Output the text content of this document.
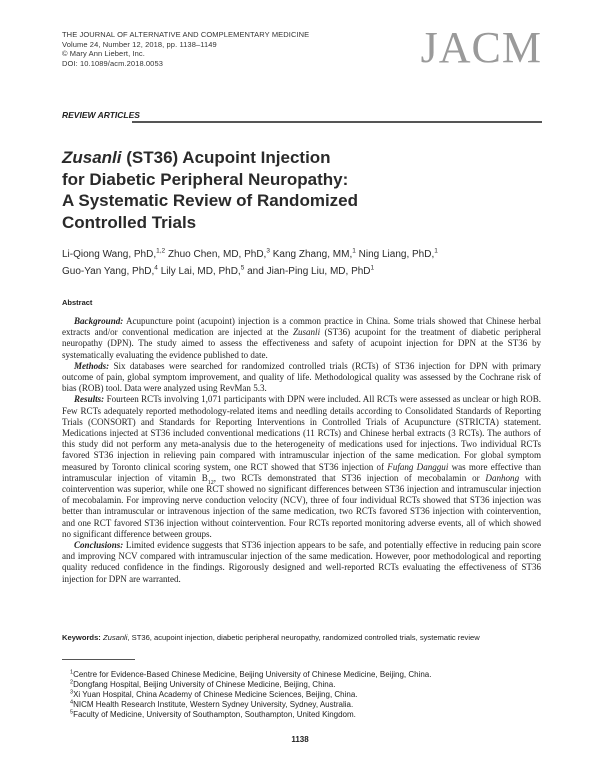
THE JOURNAL OF ALTERNATIVE AND COMPLEMENTARY MEDICINE
Volume 24, Number 12, 2018, pp. 1138–1149
© Mary Ann Liebert, Inc.
DOI: 10.1089/acm.2018.0053	JACM
REVIEW ARTICLES
Zusanli (ST36) Acupoint Injection
for Diabetic Peripheral Neuropathy:
A Systematic Review of Randomized
Controlled Trials
Li-Qiong Wang, PhD,$^{1,2}$ Zhuo Chen, MD, PhD,$^3$ Kang Zhang, MM,$^1$ Ning Liang, PhD,$^1$
Guo-Yan Yang, PhD,$^4$ Lily Lai, MD, PhD,$^5$ and Jian-Ping Liu, MD, PhD$^1$
Abstract

Background: Acupuncture point (acupoint) injection is a common practice in China. Some trials showed that Chinese herbal extracts and/or conventional medication are injected at the Zusanli (ST36) acupoint for the treatment of diabetic peripheral neuropathy (DPN). The study aimed to assess the effectiveness and safety of acupoint injection for DPN at the ST36 by systematically evaluating the evidence published to date.

Methods: Six databases were searched for randomized controlled trials (RCTs) of ST36 injection for DPN with primary outcome of pain, global symptom improvement, and quality of life. Methodological quality was assessed by the Cochrane risk of bias (ROB) tool. Data were analyzed using RevMan 5.3.

Results: Fourteen RCTs involving 1,071 participants with DPN were included. All RCTs were assessed as unclear or high ROB. Few RCTs adequately reported methodology-related items and needling details according to Consolidated Standards of Reporting Trials (CONSORT) and Standards for Reporting Interventions in Controlled Trials of Acupuncture (STRICTA) statement. Medications injected at ST36 included conventional medications (11 RCTs) and Chinese herbal extracts (3 RCTs). The authors of this study did not perform any meta-analysis due to the heterogeneity of medications used for injections. Two individual RCTs favored ST36 injection in relieving pain compared with intramuscular injection of the same medication. For global symptom measured by Toronto clinical scoring system, one RCT showed that ST36 injection of Fufang Danggui was more effective than intramuscular injection of vitamin $B_{12}$, two RCTs demonstrated that ST36 injection of mecobalamin or Danhong with cointervention was superior, while one RCT showed no significant differences between ST36 injection and intramuscular injection of mecobalamin. For improving nerve conduction velocity (NCV), three of four individual RCTs showed that ST36 injection was better than intramuscular or intravenous injection of the same medication, two RCTs favored ST36 injection with cointervention, and one RCT favored ST36 injection without cointervention. Four RCTs reported monitoring adverse events, all of which showed no significant difference between groups.

Conclusions: Limited evidence suggests that ST36 injection appears to be safe, and potentially effective in reducing pain score and improving NCV compared with intramuscular injection of the same medication. However, poor methodological and reporting quality reduced confidence in the findings. Rigorously designed and well-reported RCTs evaluating the effectiveness of ST36 injection for DPN are warranted.

Keywords: Zusanli, ST36, acupoint injection, diabetic peripheral neuropathy, randomized controlled trials, systematic review
$^1$Centre for Evidence-Based Chinese Medicine, Beijing University of Chinese Medicine, Beijing, China.
$^2$Dongfang Hospital, Beijing University of Chinese Medicine, Beijing, China.
$^3$Xi Yuan Hospital, China Academy of Chinese Medicine Sciences, Beijing, China.
$^4$NICM Health Research Institute, Western Sydney University, Sydney, Australia.
$^5$Faculty of Medicine, University of Southampton, Southampton, United Kingdom.
1138
